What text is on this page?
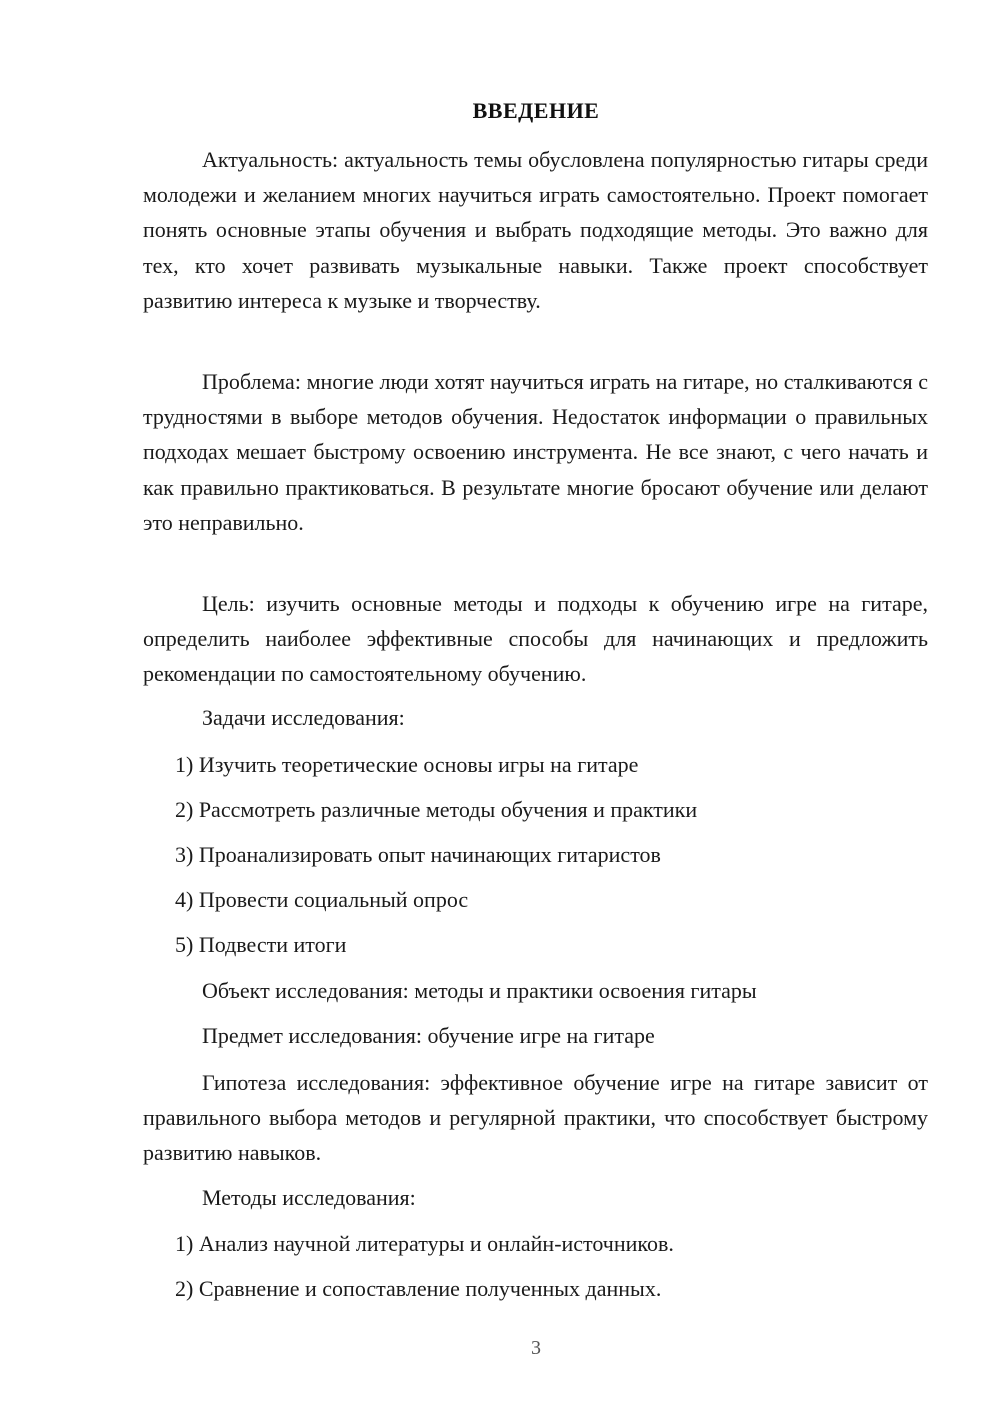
ВВЕДЕНИЕ

Актуальность: актуальность темы обусловлена популярностью гитары среди молодежи и желанием многих научиться играть самостоятельно. Проект помогает понять основные этапы обучения и выбрать подходящие методы. Это важно для тех, кто хочет развивать музыкальные навыки. Также проект способствует развитию интереса к музыке и творчеству.

Проблема: многие люди хотят научиться играть на гитаре, но сталкиваются с трудностями в выборе методов обучения. Недостаток информации о правильных подходах мешает быстрому освоению инструмента. Не все знают, с чего начать и как правильно практиковаться. В результате многие бросают обучение или делают это неправильно.

Цель: изучить основные методы и подходы к обучению игре на гитаре, определить наиболее эффективные способы для начинающих и предложить рекомендации по самостоятельному обучению.

Задачи исследования:

1) Изучить теоретические основы игры на гитаре

2) Рассмотреть различные методы обучения и практики

3) Проанализировать опыт начинающих гитаристов

4) Провести социальный опрос

5) Подвести итоги

Объект исследования: методы и практики освоения гитары

Предмет исследования: обучение игре на гитаре

Гипотеза исследования: эффективное обучение игре на гитаре зависит от правильного выбора методов и регулярной практики, что способствует быстрому развитию навыков.

Методы исследования:

1) Анализ научной литературы и онлайн-источников.

2) Сравнение и сопоставление полученных данных.

3
